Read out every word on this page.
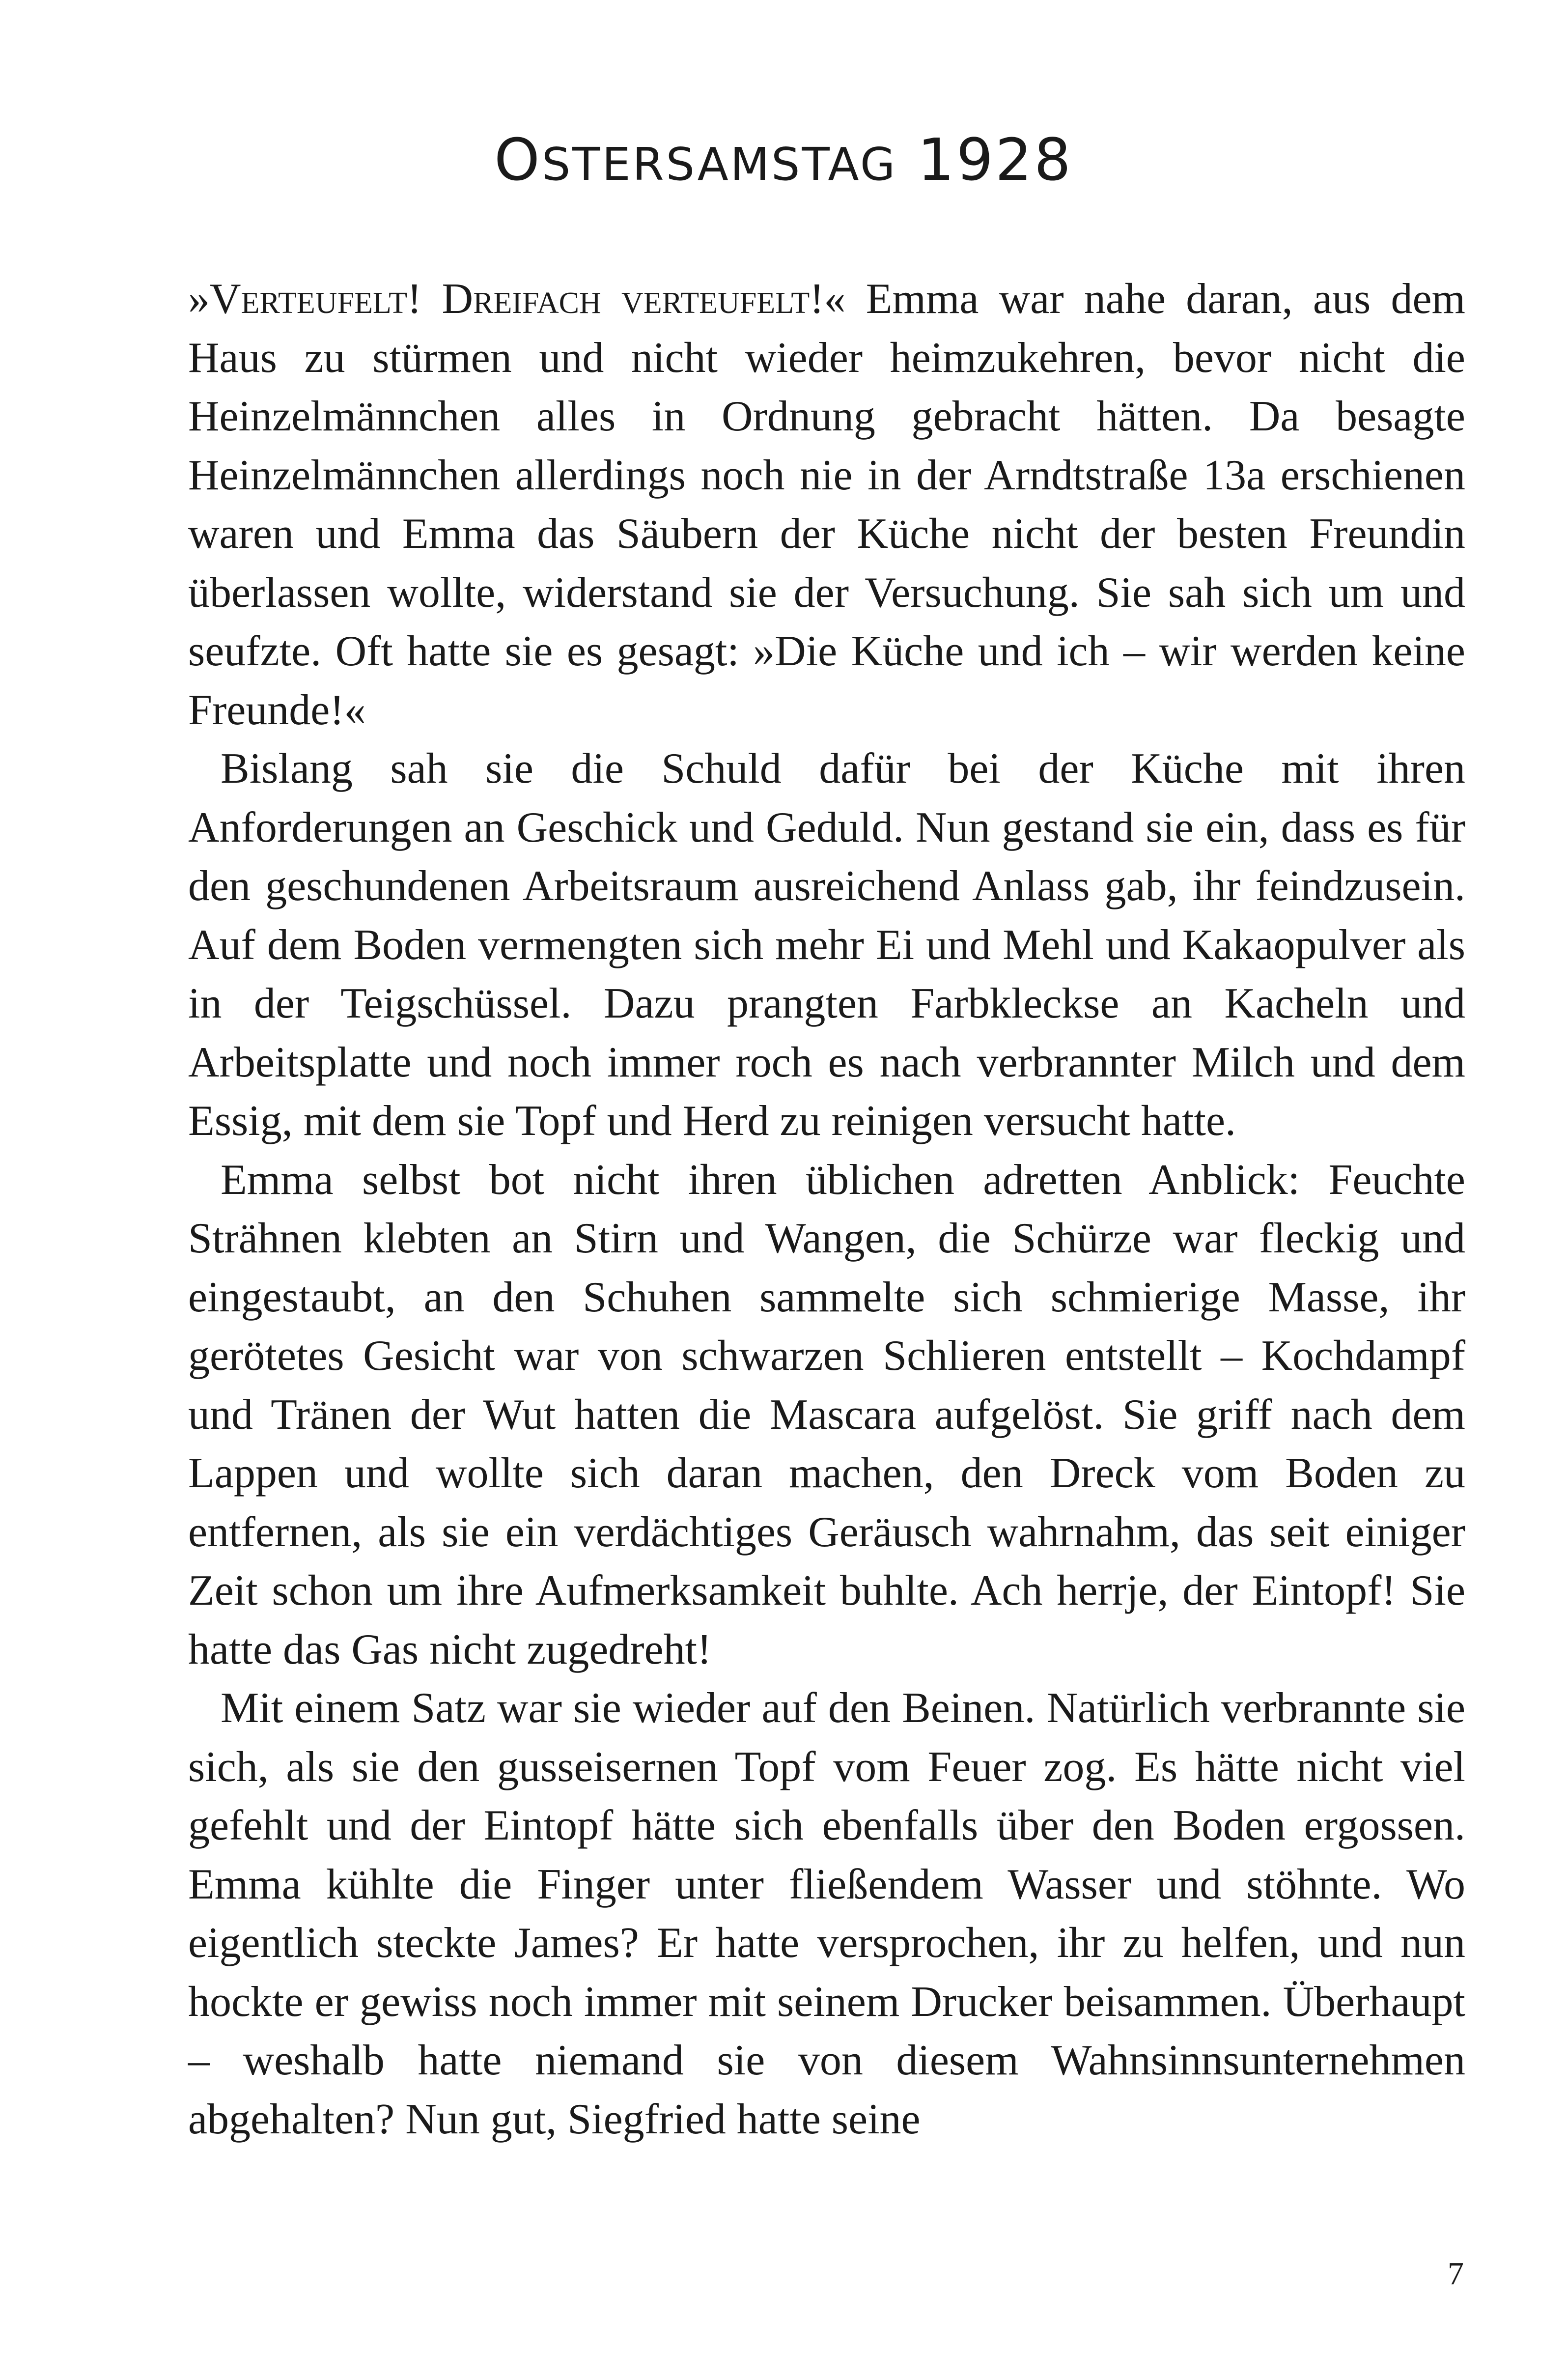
OSTERSAMSTAG 1928

»Verteufelt! Dreifach verteufelt!« Emma war nahe daran, aus dem Haus zu stürmen und nicht wieder heimzukehren, bevor nicht die Heinzelmännchen alles in Ordnung gebracht hätten. Da besagte Heinzelmännchen allerdings noch nie in der Arndtstraße 13a erschienen waren und Emma das Säubern der Küche nicht der besten Freundin überlassen wollte, widerstand sie der Versuchung. Sie sah sich um und seufzte. Oft hatte sie es gesagt: »Die Küche und ich – wir werden keine Freunde!«

Bislang sah sie die Schuld dafür bei der Küche mit ihren Anforderungen an Geschick und Geduld. Nun gestand sie ein, dass es für den geschundenen Arbeitsraum ausreichend Anlass gab, ihr feindzusein. Auf dem Boden vermengten sich mehr Ei und Mehl und Kakaopulver als in der Teigschüssel. Dazu prangten Farbkleckse an Kacheln und Arbeitsplatte und noch immer roch es nach verbrannter Milch und dem Essig, mit dem sie Topf und Herd zu reinigen versucht hatte.

Emma selbst bot nicht ihren üblichen adretten Anblick: Feuchte Strähnen klebten an Stirn und Wangen, die Schürze war fleckig und eingestaubt, an den Schuhen sammelte sich schmierige Masse, ihr gerötetes Gesicht war von schwarzen Schlieren entstellt – Kochdampf und Tränen der Wut hatten die Mascara aufgelöst. Sie griff nach dem Lappen und wollte sich daran machen, den Dreck vom Boden zu entfernen, als sie ein verdächtiges Geräusch wahrnahm, das seit einiger Zeit schon um ihre Aufmerksamkeit buhlte. Ach herrje, der Eintopf! Sie hatte das Gas nicht zugedreht!

Mit einem Satz war sie wieder auf den Beinen. Natürlich verbrannte sie sich, als sie den gusseisernen Topf vom Feuer zog. Es hätte nicht viel gefehlt und der Eintopf hätte sich ebenfalls über den Boden ergossen. Emma kühlte die Finger unter fließendem Wasser und stöhnte. Wo eigentlich steckte James? Er hatte versprochen, ihr zu helfen, und nun hockte er gewiss noch immer mit seinem Drucker beisammen. Überhaupt – weshalb hatte niemand sie von diesem Wahnsinnsunternehmen abgehalten? Nun gut, Siegfried hatte seine

7
